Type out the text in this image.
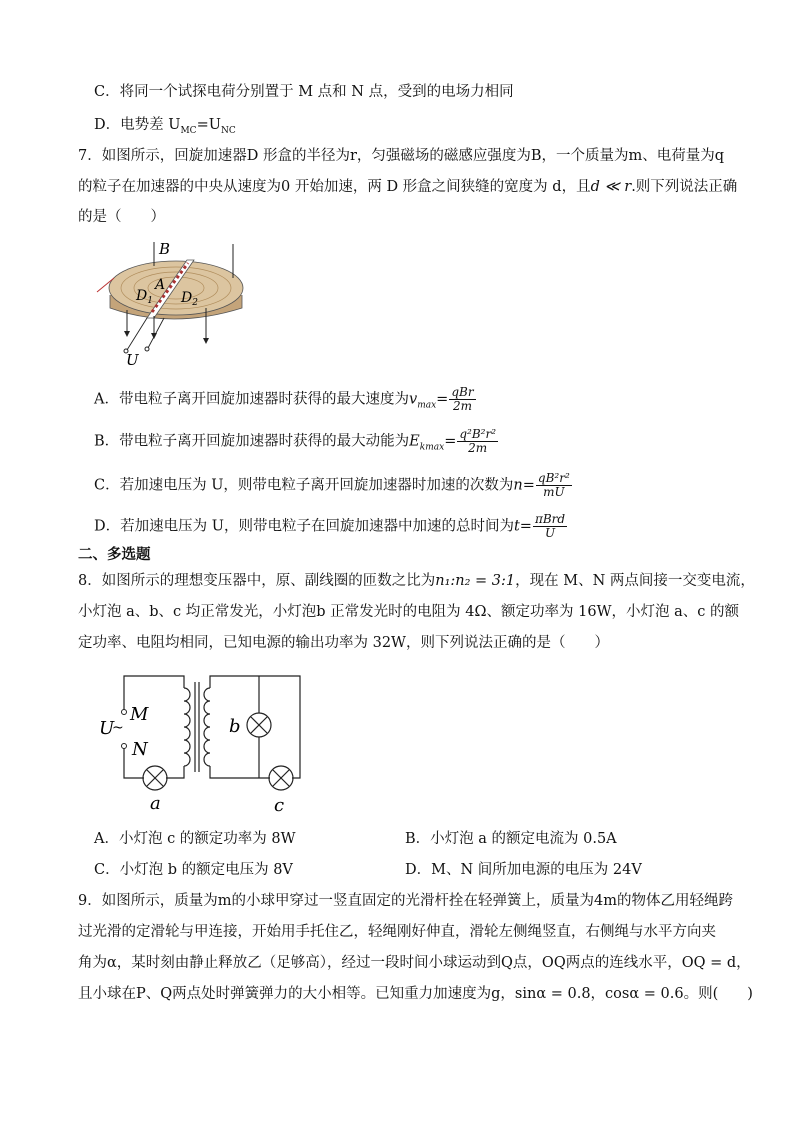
C．将同一个试探电荷分别置于 M 点和 N 点，受到的电场力相同
D．电势差 $U_{MC}=U_{NC}$
7．如图所示，回旋加速器D 形盒的半径为r，匀强磁场的磁感应强度为B，一个质量为m、电荷量为q
的粒子在加速器的中央从速度为0 开始加速，两 D 形盒之间狭缝的宽度为 d，且d ≪ r.则下列说法正确
的是（　　）
B
A
$D_1$ $D_2$
U
A．带电粒子离开回旋加速器时获得的最大速度为$v_{max}= \frac{\text{qBr}}{2m}$
B．带电粒子离开回旋加速器时获得的最大动能为$E_{kmax}= \frac{\text{q²B²r²}}{2m}$
C．若加速电压为 U，则带电粒子离开回旋加速器时加速的次数为$n= \frac{\text{qB²r²}}{mU}$
D．若加速电压为 U，则带电粒子在回旋加速器中加速的总时间为$t= \frac{\text{πBrd}}{U}$
二、多选题
8．如图所示的理想变压器中，原、副线圈的匝数之比为n₁:n₂ = 3:1，现在 M、N 两点间接一交变电流，
小灯泡 a、b、c 均正常发光，小灯泡b 正常发光时的电阻为 4Ω、额定功率为 16W，小灯泡 a、c 的额
定功率、电阻均相同，已知电源的输出功率为 32W，则下列说法正确的是（　　）
U
~
M
N
b
a	c
A．小灯泡 c 的额定功率为 8W	B．小灯泡 a 的额定电流为 0.5A
C．小灯泡 b 的额定电压为 8V	D．M、N 间所加电源的电压为 24V
9．如图所示，质量为m的小球甲穿过一竖直固定的光滑杆拴在轻弹簧上，质量为4m的物体乙用轻绳跨
过光滑的定滑轮与甲连接，开始用手托住乙，轻绳刚好伸直，滑轮左侧绳竖直，右侧绳与水平方向夹
角为α，某时刻由静止释放乙（足够高），经过一段时间小球运动到Q点，OQ两点的连线水平，OQ = d，
且小球在P、Q两点处时弹簧弹力的大小相等。已知重力加速度为g，sinα = 0.8，cosα = 0.6。则(　　)
